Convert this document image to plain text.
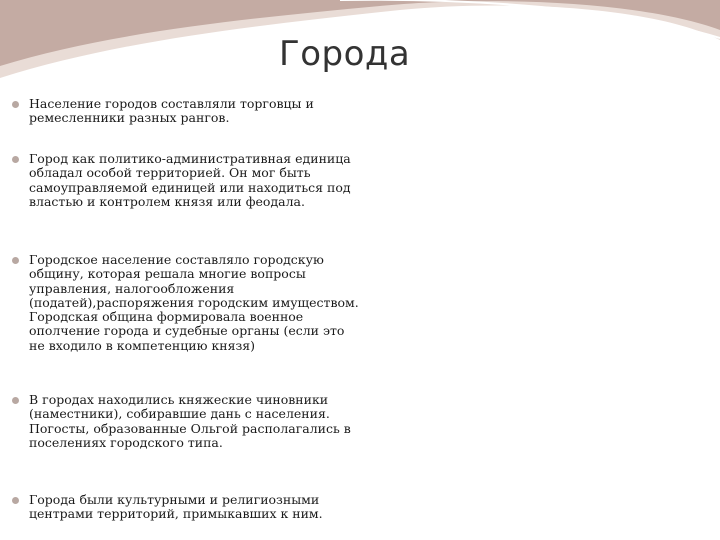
Города
Население городов составляли торговцы и ремесленники разных рангов.
Город как политико-административная единица обладал особой территорией. Он мог быть самоуправляемой единицей или находиться под властью и контролем князя или феодала.
Городское население составляло городскую общину, которая решала многие вопросы управления, налогообложения (податей),распоряжения городским имуществом. Городская община формировала военное ополчение города и судебные органы (если это не входило в компетенцию князя)
В городах находились княжеские чиновники (наместники), собиравшие дань с населения. Погосты, образованные Ольгой располагались в поселениях городского типа.
Города были культурными и религиозными центрами территорий, примыкавших к ним.
